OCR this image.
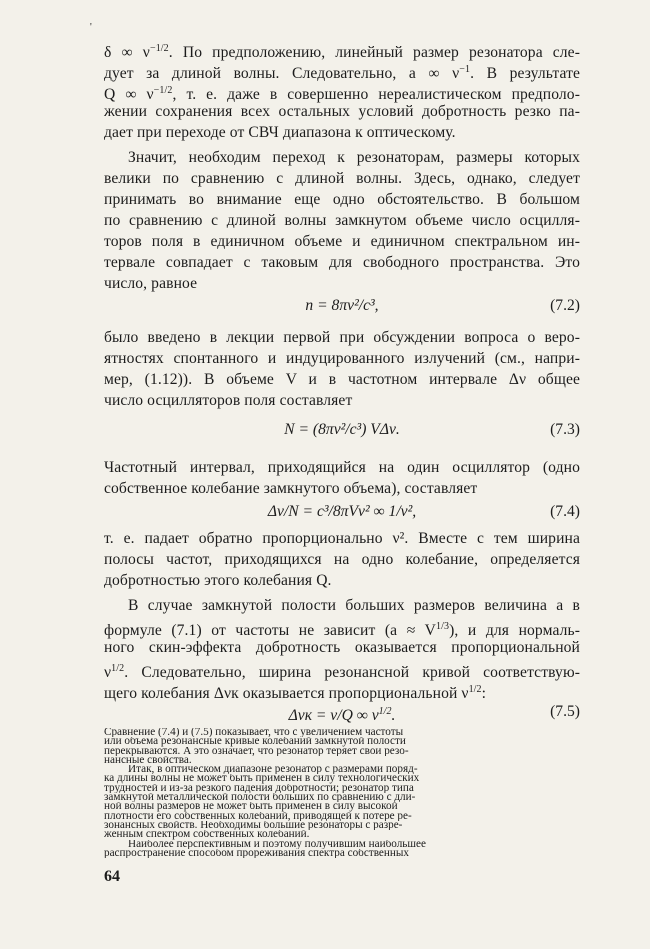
'
δ ∞ $\nu^{-1/2}$. По предположению, линейный размер резонатора сле-
дует за длиной волны. Следовательно, a ∞ $\nu^{-1}$. В результате
Q ∞ $\nu^{-1/2}$, т. е. даже в совершенно нереалистическом предполо-
жении сохранения всех остальных условий добротность резко па-
дает при переходе от СВЧ диапазона к оптическому.
Значит, необходим переход к резонаторам, размеры которых
велики по сравнению с длиной волны. Здесь, однако, следует
принимать во внимание еще одно обстоятельство. В большом
по сравнению с длиной волны замкнутом объеме число осцилля-
торов поля в единичном объеме и единичном спектральном ин-
тервале совпадает с таковым для свободного пространства. Это
число, равное
n = 8πν²/c³,	(7.2)
было введено в лекции первой при обсуждении вопроса о веро-
ятностях спонтанного и индуцированного излучений (см., напри-
мер, (1.12)). В объеме V и в частотном интервале Δν общее
число осцилляторов поля составляет
N = (8πν²/c³) VΔν.	(7.3)
Частотный интервал, приходящийся на один осциллятор (одно
собственное колебание замкнутого объема), составляет
Δν/N = c³/8πVν² ∞ 1/ν²,	(7.4)
т. е. падает обратно пропорционально ν². Вместе с тем ширина
полосы частот, приходящихся на одно колебание, определяется
добротностью этого колебания Q.
В случае замкнутой полости больших размеров величина a в
формуле (7.1) от частоты не зависит $(a \approx V^{1/3})$, и для нормаль-
ного скин-эффекта добротность оказывается пропорциональной
$\nu^{1/2}$. Следовательно, ширина резонансной кривой соответствую-
щего колебания Δνк оказывается пропорциональной $\nu^{1/2}$:
Δνк = ν/Q ∞ $\nu^{1/2}$.	(7.5)
64
Сравнение (7.4) и (7.5) показывает, что с увеличением частоты
или объема резонансные кривые колебаний замкнутой полости
перекрываются. А это означает, что резонатор теряет свои резо-
нансные свойства.
Итак, в оптическом диапазоне резонатор с размерами поряд-
ка длины волны не может быть применен в силу технологических
трудностей и из-за резкого падения добротности; резонатор типа
замкнутой металлической полости больших по сравнению с дли-
ной волны размеров не может быть применен в силу высокой
плотности его собственных колебаний, приводящей к потере ре-
зонансных свойств. Необходимы большие резонаторы с разре-
женным спектром собственных колебаний.
Наиболее перспективным и поэтому получившим наибольшее
распространение способом прореживания спектра собственных
